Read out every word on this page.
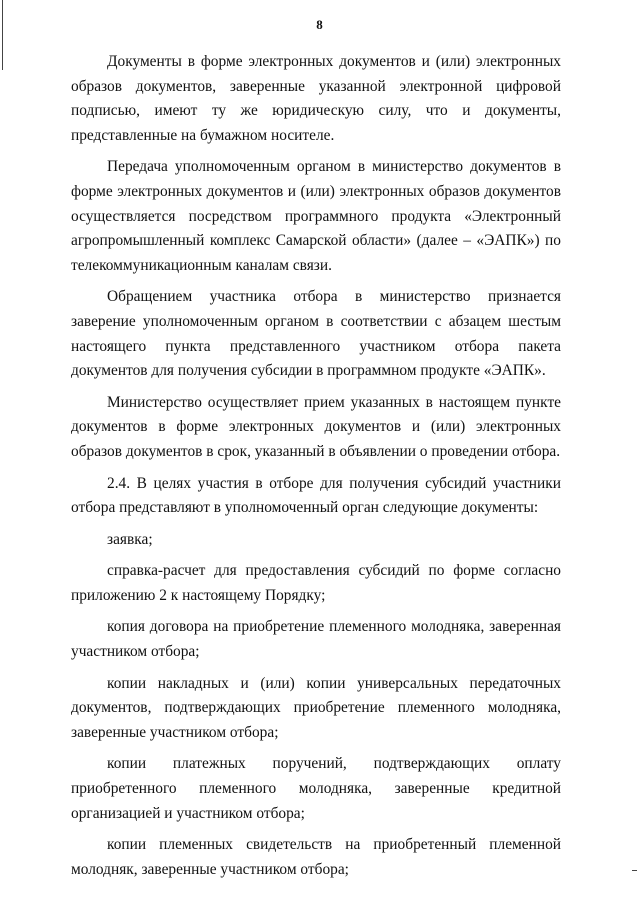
8

Документы в форме электронных документов и (или) электронных образов документов, заверенные указанной электронной цифровой подписью, имеют ту же юридическую силу, что и документы, представленные на бумажном носителе.

Передача уполномоченным органом в министерство документов в форме электронных документов и (или) электронных образов документов осуществляется посредством программного продукта «Электронный агропромышленный комплекс Самарской области» (далее – «ЭАПК») по телекоммуникационным каналам связи.

Обращением участника отбора в министерство признается заверение уполномоченным органом в соответствии с абзацем шестым настоящего пункта представленного участником отбора пакета документов для получения субсидии в программном продукте «ЭАПК».

Министерство осуществляет прием указанных в настоящем пункте документов в форме электронных документов и (или) электронных образов документов в срок, указанный в объявлении о проведении отбора.

2.4. В целях участия в отборе для получения субсидий участники отбора представляют в уполномоченный орган следующие документы:

заявка;

справка-расчет для предоставления субсидий по форме согласно приложению 2 к настоящему Порядку;

копия договора на приобретение племенного молодняка, заверенная участником отбора;

копии накладных и (или) копии универсальных передаточных документов, подтверждающих приобретение племенного молодняка, заверенные участником отбора;

копии платежных поручений, подтверждающих оплату приобретенного племенного молодняка, заверенные кредитной организацией и участником отбора;

копии племенных свидетельств на приобретенный племенной молодняк, заверенные участником отбора;
